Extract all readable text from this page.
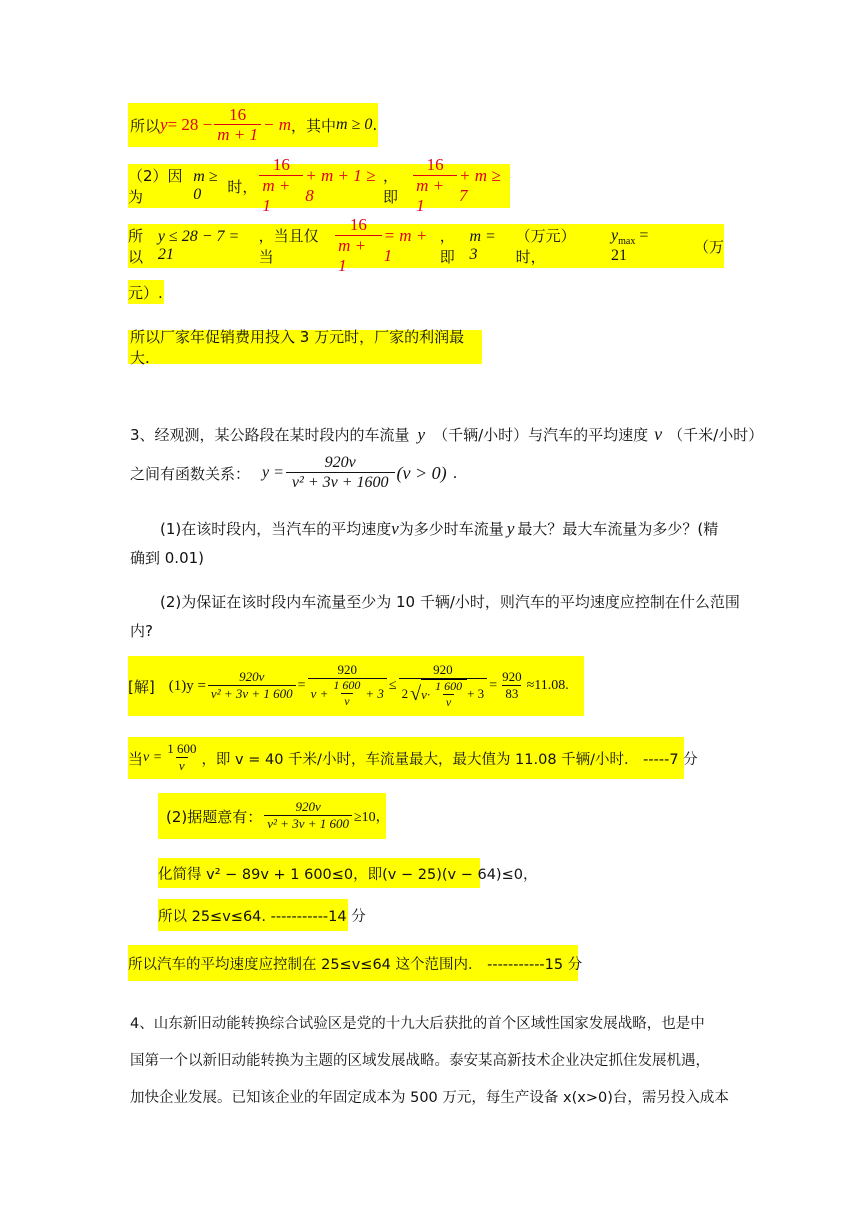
所以 $y = 28 - \frac{16}{m + 1} - m$ ，其中 m ≥ 0 .
（2）因为
m ≥ 0	时， $\frac{16}{m + 1} + m + 1 \ge 8$
，即 $\frac{16}{m + 1} + m \ge 7$
所以
y ≤ 28 − 7 = 21
，当且仅当	$\frac{16}{m + 1} = m + 1$
，即
m = 3
（万元）时，
$y_{max} = 21$	（万
元）.
所以厂家年促销费用投入 3 万元时，厂家的利润最大.
3、经观测，某公路段在某时段内的车流量 y （千辆/小时）与汽车的平均速度 v （千米/小时）
之间有函数关系： $y = \frac{920v}{\text{v² + 3v + 1600}} (v > 0)$ .
(1)在该时段内，当汽车的平均速度 v 为多少时车流量 y 最大？最大车流量为多少？(精
确到 0.01)
(2)为保证在该时段内车流量至少为 10 千辆/小时，则汽车的平均速度应控制在什么范围
内?
[解] $(1)y = \frac{920v}{\text{v² + 3v + 1 600}} = \frac{920}{v + \frac{1 600}{v} + 3}$ ≤
920
2 √ $v\cdot \frac{1 600}{v} + 3$
= $\frac{920}{83} \approx 11.08$.
当 $v = \frac{1 600}{v}$ ，即 v = 40 千米/小时，车流量最大，最大值为 11.08 千辆/小时． -----7 分
(2)据题意有： $\frac{920v}{\text{v² + 3v + 1 600}} \ge 10$，
化简得 v² − 89v + 1 600≤0，即(v − 25)(v − 64)≤0，
所以 25≤v≤64. -----------14 分
所以汽车的平均速度应控制在 25≤v≤64 这个范围内． -----------15 分
4、山东新旧动能转换综合试验区是党的十九大后获批的首个区域性国家发展战略，也是中
国第一个以新旧动能转换为主题的区域发展战略。泰安某高新技术企业决定抓住发展机遇，
加快企业发展。已知该企业的年固定成本为 500 万元，每生产设备 x(x>0)台，需另投入成本
